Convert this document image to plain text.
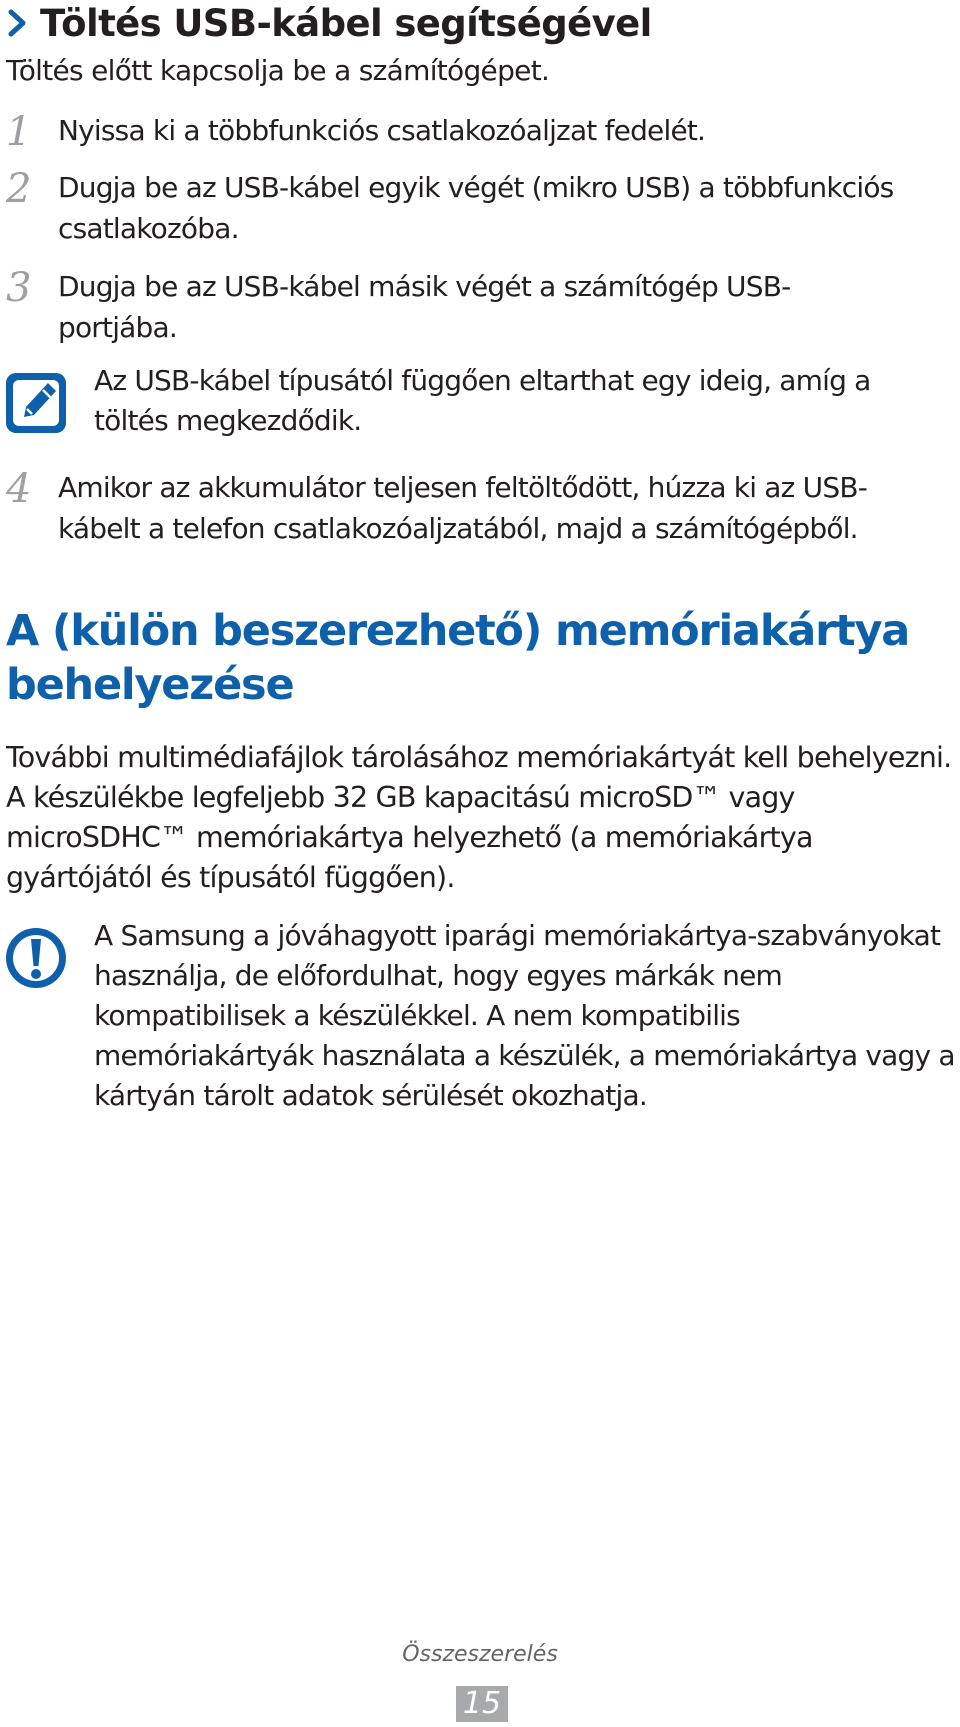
Töltés USB-kábel segítségével
Töltés előtt kapcsolja be a számítógépet.
1 Nyissa ki a többfunkciós csatlakozóaljzat fedelét.
2 Dugja be az USB-kábel egyik végét (mikro USB) a többfunkciós csatlakozóba.
3 Dugja be az USB-kábel másik végét a számítógép USB-portjába.
Az USB-kábel típusától függően eltarthat egy ideig, amíg a töltés megkezdődik.
4 Amikor az akkumulátor teljesen feltöltődött, húzza ki az USB-kábelt a telefon csatlakozóaljzatából, majd a számítógépből.
A (külön beszerezhető) memóriakártya behelyezése
További multimédiafájlok tárolásához memóriakártyát kell behelyezni. A készülékbe legfeljebb 32 GB kapacitású microSD™ vagy microSDHC™ memóriakártya helyezhető (a memóriakártya gyártójától és típusától függően).
A Samsung a jóváhagyott iparági memóriakártya-szabványokat használja, de előfordulhat, hogy egyes márkák nem kompatibilisek a készülékkel. A nem kompatibilis memóriakártyák használata a készülék, a memóriakártya vagy a kártyán tárolt adatok sérülését okozhatja.
Összeszerelés
15
